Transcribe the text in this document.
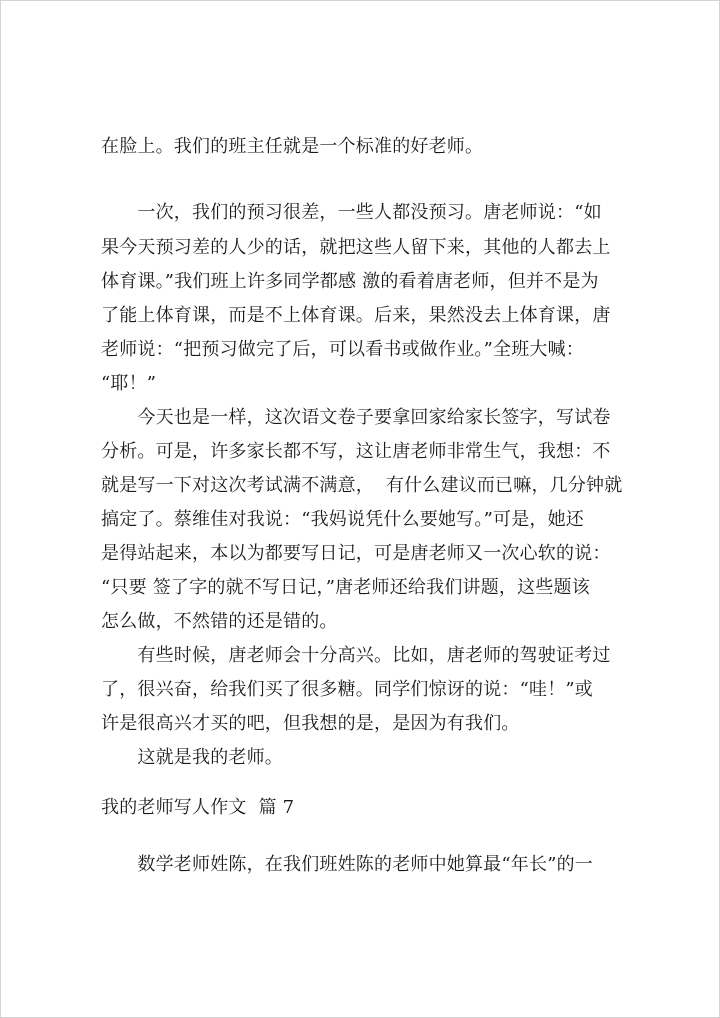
在脸上。我们的班主任就是一个标准的好老师。
　　一次，我们的预习很差，一些人都没预习。唐老师说：“如
果今天预习差的人少的话，就把这些人留下来，其他的人都去上
体育课。”我们班上许多同学都感 激的看着唐老师，但并不是为
了能上体育课，而是不上体育课。后来，果然没去上体育课，唐
老师说：“把预习做完了后，可以看书或做作业。”全班大喊：
“耶！”
　　今天也是一样，这次语文卷子要拿回家给家长签字，写试卷
分析。可是，许多家长都不写，这让唐老师非常生气，我想：不
就是写一下对这次考试满不满意，  有什么建议而已嘛，几分钟就
搞定了。蔡维佳对我说：“我妈说凭什么要她写。”可是，她还
是得站起来，本以为都要写日记，可是唐老师又一次心软的说：
“只要 签了字的就不写日记，”唐老师还给我们讲题，这些题该
怎么做，不然错的还是错的。
　　有些时候，唐老师会十分高兴。比如，唐老师的驾驶证考过
了，很兴奋，给我们买了很多糖。同学们惊讶的说：“哇！”或
许是很高兴才买的吧，但我想的是，是因为有我们。
　　这就是我的老师。
我的老师写人作文  篇 7
　　数学老师姓陈，在我们班姓陈的老师中她算最“年长”的一
